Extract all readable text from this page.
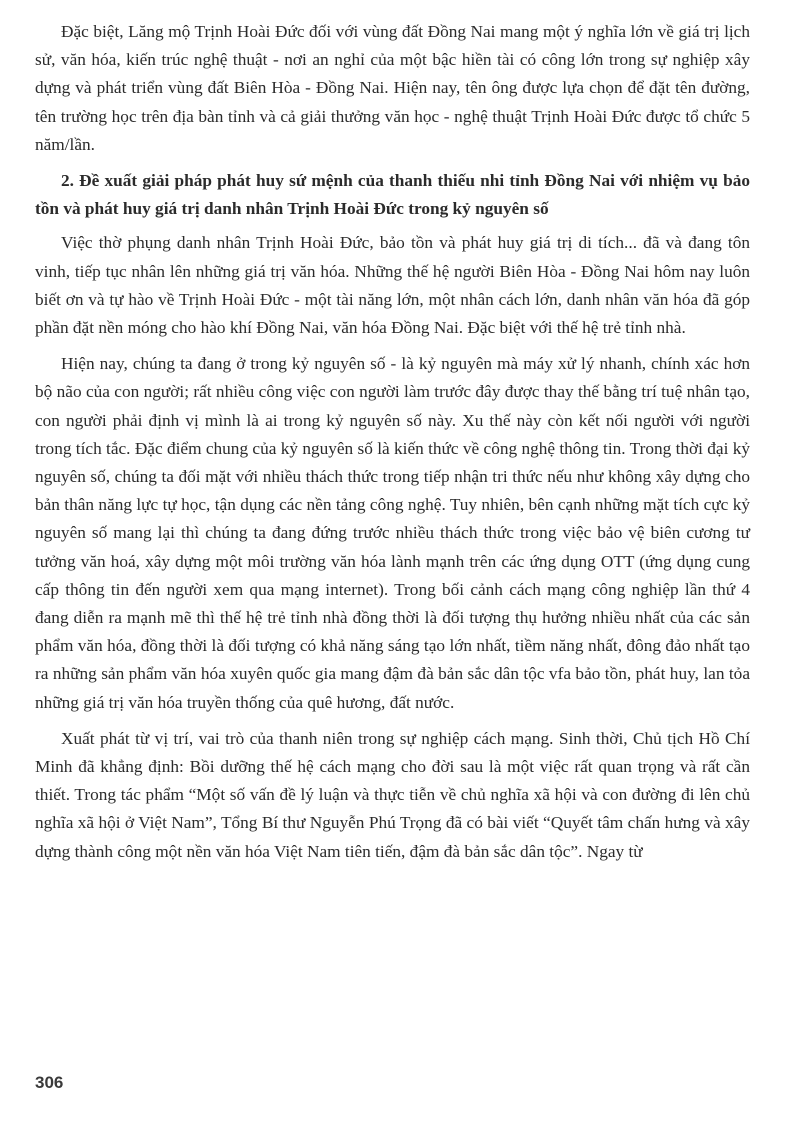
Đặc biệt, Lăng mộ Trịnh Hoài Đức đối với vùng đất Đồng Nai mang một ý nghĩa lớn về giá trị lịch sử, văn hóa, kiến trúc nghệ thuật - nơi an nghỉ của một bậc hiền tài có công lớn trong sự nghiệp xây dựng và phát triển vùng đất Biên Hòa - Đồng Nai. Hiện nay, tên ông được lựa chọn để đặt tên đường, tên trường học trên địa bàn tỉnh và cả giải thưởng văn học - nghệ thuật Trịnh Hoài Đức được tổ chức 5 năm/lần.

2. Đề xuất giải pháp phát huy sứ mệnh của thanh thiếu nhi tỉnh Đồng Nai với nhiệm vụ bảo tồn và phát huy giá trị danh nhân Trịnh Hoài Đức trong kỷ nguyên số

Việc thờ phụng danh nhân Trịnh Hoài Đức, bảo tồn và phát huy giá trị di tích... đã và đang tôn vinh, tiếp tục nhân lên những giá trị văn hóa. Những thế hệ người Biên Hòa - Đồng Nai hôm nay luôn biết ơn và tự hào về Trịnh Hoài Đức - một tài năng lớn, một nhân cách lớn, danh nhân văn hóa đã góp phần đặt nền móng cho hào khí Đồng Nai, văn hóa Đồng Nai. Đặc biệt với thế hệ trẻ tỉnh nhà.

Hiện nay, chúng ta đang ở trong kỷ nguyên số - là kỷ nguyên mà máy xử lý nhanh, chính xác hơn bộ não của con người; rất nhiều công việc con người làm trước đây được thay thế bằng trí tuệ nhân tạo, con người phải định vị mình là ai trong kỷ nguyên số này. Xu thế này còn kết nối người với người trong tích tắc. Đặc điểm chung của kỷ nguyên số là kiến thức về công nghệ thông tin. Trong thời đại kỷ nguyên số, chúng ta đối mặt với nhiều thách thức trong tiếp nhận tri thức nếu như không xây dựng cho bản thân năng lực tự học, tận dụng các nền tảng công nghệ. Tuy nhiên, bên cạnh những mặt tích cực kỷ nguyên số mang lại thì chúng ta đang đứng trước nhiều thách thức trong việc bảo vệ biên cương tư tưởng văn hoá, xây dựng một môi trường văn hóa lành mạnh trên các ứng dụng OTT (ứng dụng cung cấp thông tin đến người xem qua mạng internet). Trong bối cảnh cách mạng công nghiệp lần thứ 4 đang diễn ra mạnh mẽ thì thế hệ trẻ tỉnh nhà đồng thời là đối tượng thụ hưởng nhiều nhất của các sản phẩm văn hóa, đồng thời là đối tượng có khả năng sáng tạo lớn nhất, tiềm năng nhất, đông đảo nhất tạo ra những sản phẩm văn hóa xuyên quốc gia mang đậm đà bản sắc dân tộc vfa bảo tồn, phát huy, lan tỏa những giá trị văn hóa truyền thống của quê hương, đất nước.

Xuất phát từ vị trí, vai trò của thanh niên trong sự nghiệp cách mạng. Sinh thời, Chủ tịch Hồ Chí Minh đã khẳng định: Bồi dưỡng thế hệ cách mạng cho đời sau là một việc rất quan trọng và rất cần thiết. Trong tác phẩm “Một số vấn đề lý luận và thực tiễn về chủ nghĩa xã hội và con đường đi lên chủ nghĩa xã hội ở Việt Nam”, Tổng Bí thư Nguyễn Phú Trọng đã có bài viết “Quyết tâm chấn hưng và xây dựng thành công một nền văn hóa Việt Nam tiên tiến, đậm đà bản sắc dân tộc”. Ngay từ

306
